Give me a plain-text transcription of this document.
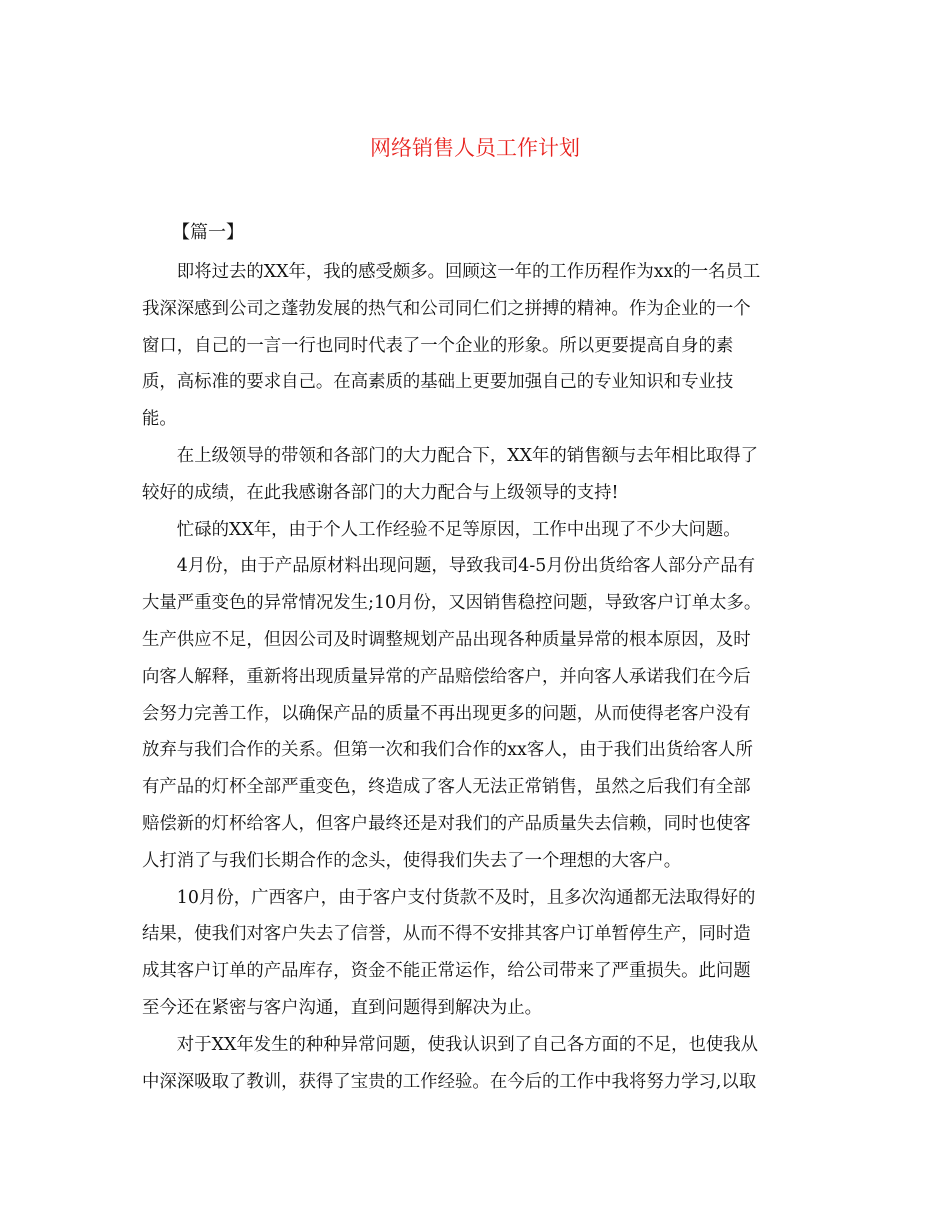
网络销售人员工作计划
【篇一】

即将过去的XX年，我的感受颇多。回顾这一年的工作历程作为xx的一名员工
我深深感到公司之蓬勃发展的热气和公司同仁们之拼搏的精神。作为企业的一个
窗口，自己的一言一行也同时代表了一个企业的形象。所以更要提高自身的素
质，高标准的要求自己。在高素质的基础上更要加强自己的专业知识和专业技
能。

在上级领导的带领和各部门的大力配合下，XX年的销售额与去年相比取得了
较好的成绩，在此我感谢各部门的大力配合与上级领导的支持!

忙碌的XX年，由于个人工作经验不足等原因，工作中出现了不少大问题。

4月份，由于产品原材料出现问题，导致我司4-5月份出货给客人部分产品有
大量严重变色的异常情况发生;10月份，又因销售稳控问题，导致客户订单太多。
生产供应不足，但因公司及时调整规划产品出现各种质量异常的根本原因，及时
向客人解释，重新将出现质量异常的产品赔偿给客户，并向客人承诺我们在今后
会努力完善工作，以确保产品的质量不再出现更多的问题，从而使得老客户没有
放弃与我们合作的关系。但第一次和我们合作的xx客人，由于我们出货给客人所
有产品的灯杯全部严重变色，终造成了客人无法正常销售，虽然之后我们有全部
赔偿新的灯杯给客人，但客户最终还是对我们的产品质量失去信赖，同时也使客
人打消了与我们长期合作的念头，使得我们失去了一个理想的大客户。

10月份，广西客户，由于客户支付货款不及时，且多次沟通都无法取得好的
结果，使我们对客户失去了信誉，从而不得不安排其客户订单暂停生产，同时造
成其客户订单的产品库存，资金不能正常运作，给公司带来了严重损失。此问题
至今还在紧密与客户沟通，直到问题得到解决为止。

对于XX年发生的种种异常问题，使我认识到了自己各方面的不足，也使我从
中深深吸取了教训，获得了宝贵的工作经验。在今后的工作中我将努力学习,以取
